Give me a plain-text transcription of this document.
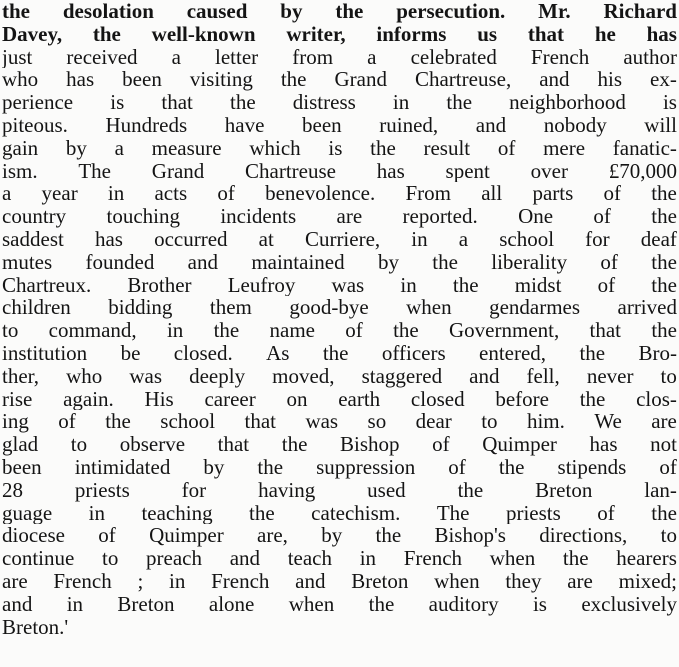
the desolation caused by the persecution. Mr. Richard
Davey, the well-known writer, informs us that he has
just received a letter from a celebrated French author
who has been visiting the Grand Chartreuse, and his ex-
perience is that the distress in the neighborhood is
piteous. Hundreds have been ruined, and nobody will
gain by a measure which is the result of mere fanatic-
ism. The Grand Chartreuse has spent over £70,000
a year in acts of benevolence. From all parts of the
country touching incidents are reported. One of the
saddest has occurred at Curriere, in a school for deaf
mutes founded and maintained by the liberality of the
Chartreux. Brother Leufroy was in the midst of the
children bidding them good-bye when gendarmes arrived
to command, in the name of the Government, that the
institution be closed. As the officers entered, the Bro-
ther, who was deeply moved, staggered and fell, never to
rise again. His career on earth closed before the clos-
ing of the school that was so dear to him. We are
glad to observe that the Bishop of Quimper has not
been intimidated by the suppression of the stipends of
28 priests for having used the Breton lan-
guage in teaching the catechism. The priests of the
diocese of Quimper are, by the Bishop's directions, to
continue to preach and teach in French when the hearers
are French ; in French and Breton when they are mixed;
and in Breton alone when the auditory is exclusively
Breton.'
